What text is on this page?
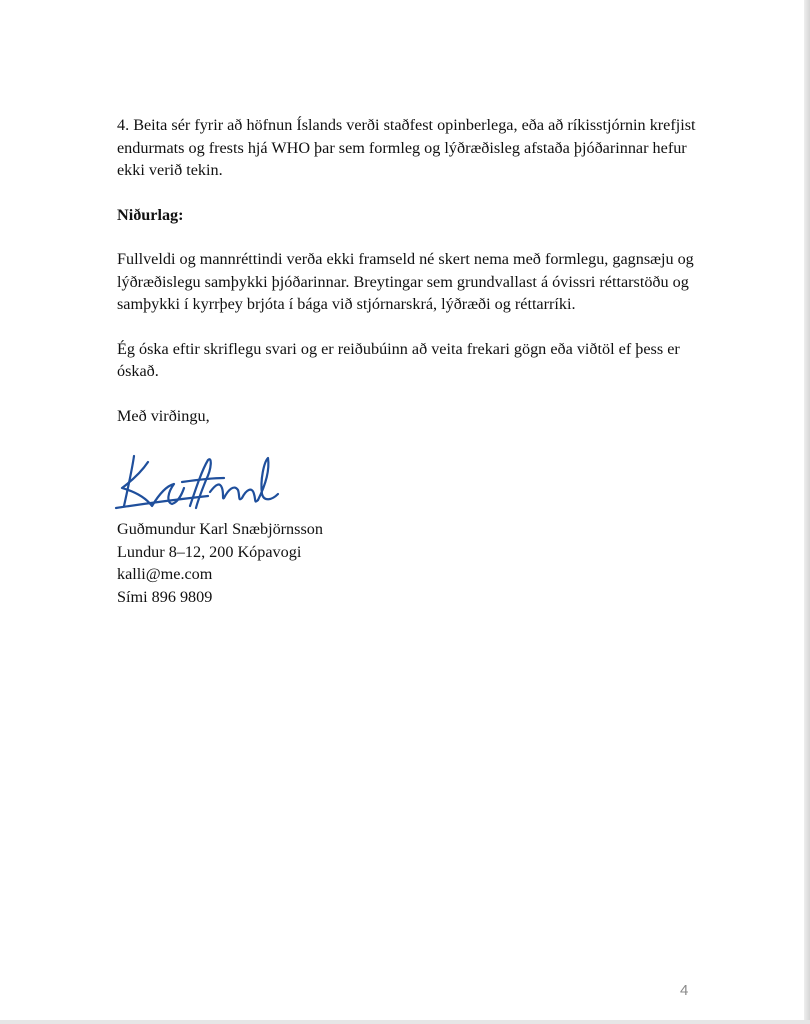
4. Beita sér fyrir að höfnun Íslands verði staðfest opinberlega, eða að ríkisstjórnin krefjist endurmats og frests hjá WHO þar sem formleg og lýðræðisleg afstaða þjóðarinnar hefur ekki verið tekin.

Niðurlag:

Fullveldi og mannréttindi verða ekki framseld né skert nema með formlegu, gagnsæju og lýðræðislegu samþykki þjóðarinnar. Breytingar sem grundvallast á óvissri réttarstöðu og samþykki í kyrrþey brjóta í bága við stjórnarskrá, lýðræði og réttarríki.

Ég óska eftir skriflegu svari og er reiðubúinn að veita frekari gögn eða viðtöl ef þess er óskað.

Með virðingu,

Guðmundur Karl Snæbjörnsson
Lundur 8–12, 200 Kópavogi
kalli@me.com
Sími 896 9809
4
